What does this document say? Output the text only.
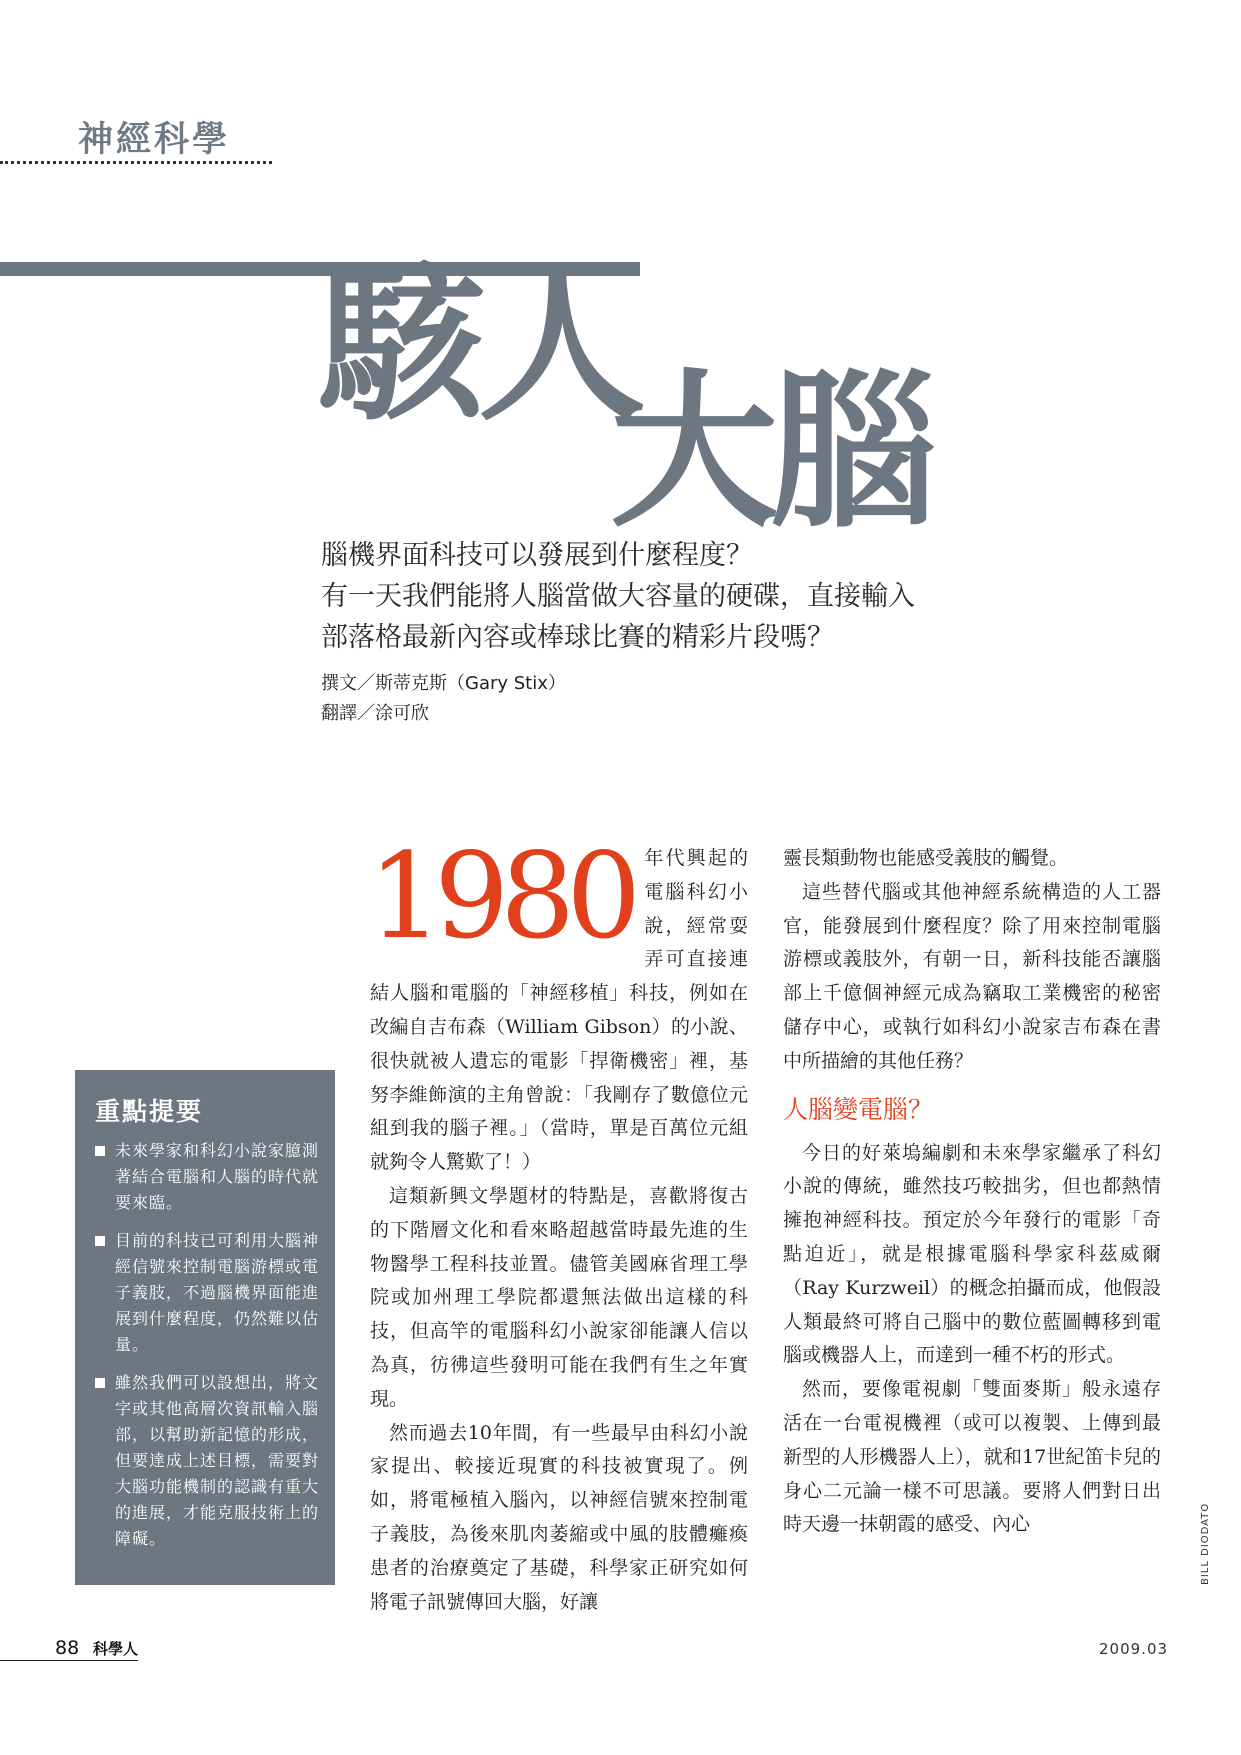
神經科學
駭人
大腦
腦機界面科技可以發展到什麼程度？
有一天我們能將人腦當做大容量的硬碟，直接輸入
部落格最新內容或棒球比賽的精彩片段嗎？
撰文／斯蒂克斯（Gary Stix）
翻譯／涂可欣
重點提要
未來學家和科幻小說家臆測著結合電腦和人腦的時代就要來臨。
目前的科技已可利用大腦神經信號來控制電腦游標或電子義肢，不過腦機界面能進展到什麼程度，仍然難以估量。
雖然我們可以設想出，將文字或其他高層次資訊輸入腦部，以幫助新記憶的形成，但要達成上述目標，需要對大腦功能機制的認識有重大的進展，才能克服技術上的障礙。

1980 年代興起的電腦科幻小說，經常耍弄可直接連結人腦和電腦的「神經移植」科技，例如在改編自吉布森（William Gibson）的小說、很快就被人遺忘的電影「捍衛機密」裡，基努李維飾演的主角曾說：「我剛存了數億位元組到我的腦子裡。」（當時，單是百萬位元組就夠令人驚歎了！）

這類新興文學題材的特點是，喜歡將復古的下階層文化和看來略超越當時最先進的生物醫學工程科技並置。儘管美國麻省理工學院或加州理工學院都還無法做出這樣的科技，但高竿的電腦科幻小說家卻能讓人信以為真，彷彿這些發明可能在我們有生之年實現。

然而過去10年間，有一些最早由科幻小說家提出、較接近現實的科技被實現了。例如，將電極植入腦內，以神經信號來控制電子義肢，為後來肌肉萎縮或中風的肢體癱瘓患者的治療奠定了基礎，科學家正研究如何將電子訊號傳回大腦，好讓

靈長類動物也能感受義肢的觸覺。

這些替代腦或其他神經系統構造的人工器官，能發展到什麼程度？除了用來控制電腦游標或義肢外，有朝一日，新科技能否讓腦部上千億個神經元成為竊取工業機密的秘密儲存中心，或執行如科幻小說家吉布森在書中所描繪的其他任務？

人腦變電腦？

今日的好萊塢編劇和未來學家繼承了科幻小說的傳統，雖然技巧較拙劣，但也都熱情擁抱神經科技。預定於今年發行的電影「奇點迫近」，就是根據電腦科學家科茲威爾（Ray Kurzweil）的概念拍攝而成，他假設人類最終可將自己腦中的數位藍圖轉移到電腦或機器人上，而達到一種不朽的形式。

然而，要像電視劇「雙面麥斯」般永遠存活在一台電視機裡（或可以複製、上傳到最新型的人形機器人上），就和17世紀笛卡兒的身心二元論一樣不可思議。要將人們對日出時天邊一抹朝霞的感受、內心	BILL DIODATO
88 科學人	2009.03
